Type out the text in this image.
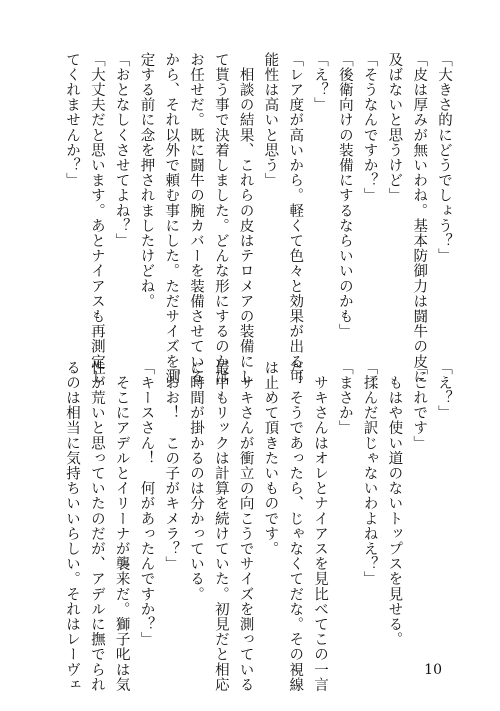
「大きさ的にどうでしょう？」

「皮は厚みが無いわね。基本防御力は闘牛の皮に

及ばないと思うけど」

「そうなんですか？」

「後衛向けの装備にするならいいのかも」

「え？」

「レア度が高いから。軽くて色々と効果が出る可

能性は高いと思う」

　相談の結果、これらの皮はテロメアの装備にし

て貰う事で決着しました。どんな形にするのかは

お任せだ。既に闘牛の腕カバーを装備させている

から、それ以外で頼む事にした。ただサイズを測

定する前に念を押されましたけどね。

「おとなしくさせてよね？」

「大丈夫だと思います。あとナイアスも再測定し

てくれませんか？」

「え？」

「これです」

　もはや使い道のないトップスを見せる。

「揉んだ訳じゃないわよねえ？」

「まさか」

　サキさんはオレとナイアスを見比べてこの一言

だ。そうであったら、じゃなくてだな。その視線

は止めて頂きたいものです。

　サキさんが衝立の向こうでサイズを測っている

最中もリックは計算を続けていた。初見だと相応

に時間が掛かるのは分かっている。

「おお！　この子がキメラ？」

「キースさん！　何があったんですか？」

　そこにアデルとイリーナが襲来だ。獅子叱は気

性が荒いと思っていたのだが、アデルに撫でられ

るのは相当に気持ちいいらしい。それはレーヴェ	10
